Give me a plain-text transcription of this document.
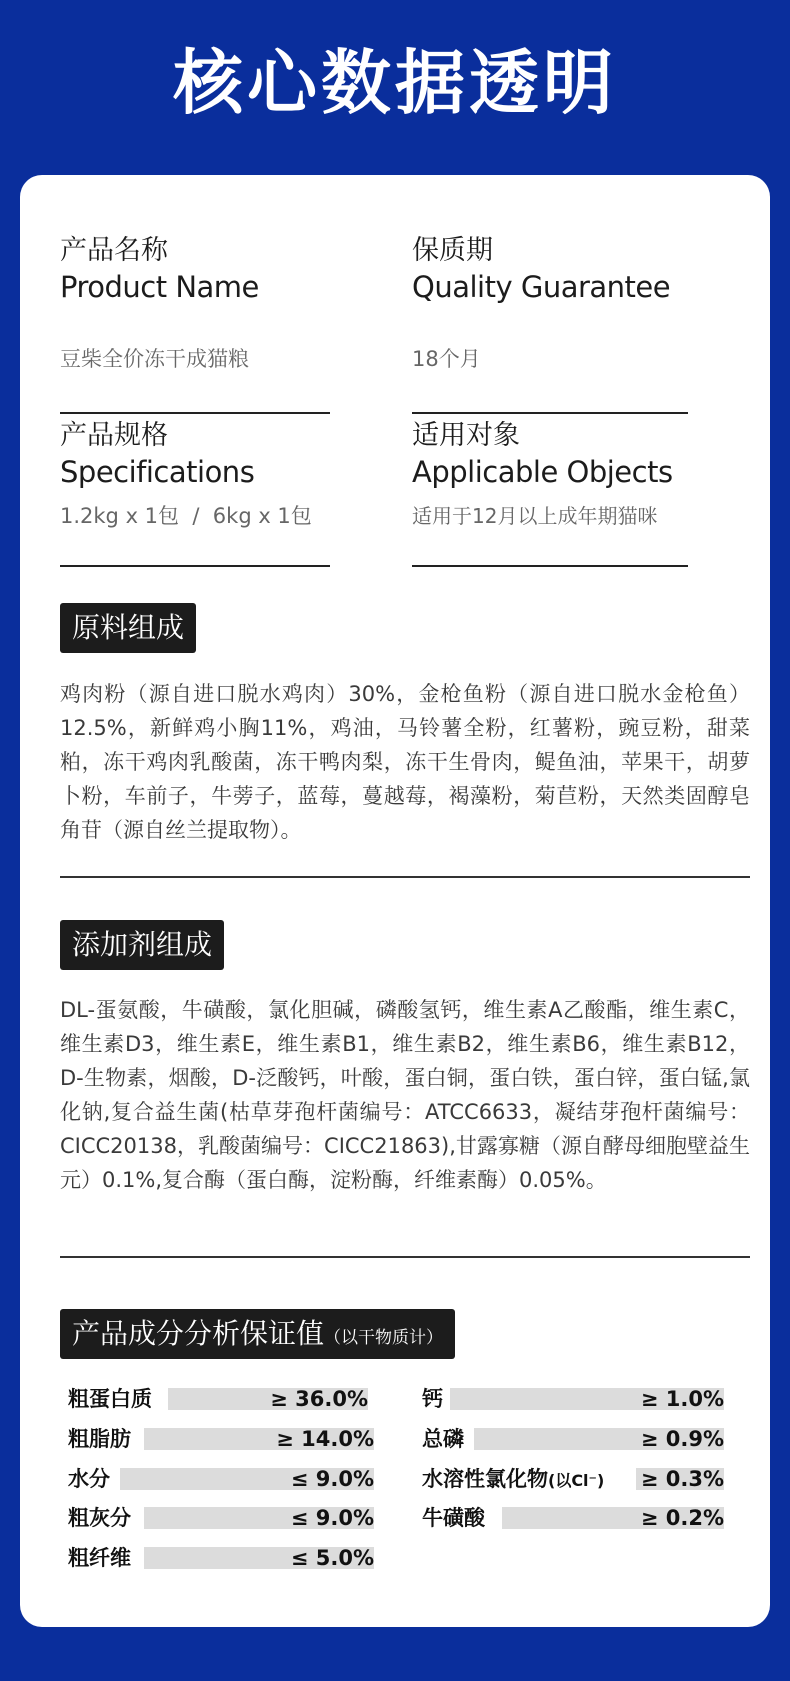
核心数据透明
产品名称
Product Name
豆柴全价冻干成猫粮
保质期
Quality Guarantee
18个月
产品规格
Specifications
1.2kg x 1包  /  6kg x 1包
适用对象
Applicable Objects
适用于12月以上成年期猫咪
原料组成
鸡肉粉（源自进口脱水鸡肉）30%，金枪鱼粉（源自进口脱水金枪鱼）12.5%，新鲜鸡小胸11%，鸡油，马铃薯全粉，红薯粉，豌豆粉，甜菜粕，冻干鸡肉乳酸菌，冻干鸭肉梨，冻干生骨肉，鳀鱼油，苹果干，胡萝卜粉，车前子，牛蒡子，蓝莓，蔓越莓，褐藻粉，菊苣粉，天然类固醇皂角苷（源自丝兰提取物）。
添加剂组成
DL-蛋氨酸，牛磺酸，氯化胆碱，磷酸氢钙，维生素A乙酸酯，维生素C，维生素D3，维生素E，维生素B1，维生素B2，维生素B6，维生素B12，D-生物素，烟酸，D-泛酸钙，叶酸，蛋白铜，蛋白铁，蛋白锌，蛋白锰,氯化钠,复合益生菌(枯草芽孢杆菌编号：ATCC6633，凝结芽孢杆菌编号：CICC20138，乳酸菌编号：CICC21863),甘露寡糖（源自酵母细胞壁益生元）0.1%,复合酶（蛋白酶，淀粉酶，纤维素酶）0.05%。
产品成分分析保证值（以干物质计）
粗蛋白质	≥ 36.0%
粗脂肪	≥ 14.0%
水分	≤ 9.0%
粗灰分	≤ 9.0%
粗纤维	≤ 5.0%
钙	≥ 1.0%
总磷	≥ 0.9%
水溶性氯化物(以Cl⁻) ≥ 0.3%
牛磺酸	≥ 0.2%
